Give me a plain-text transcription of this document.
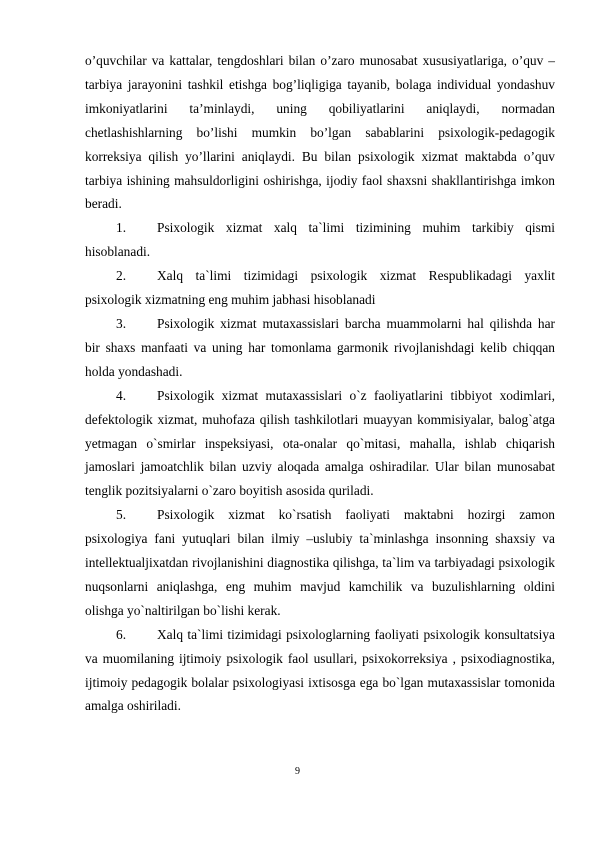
o’quvchilar va kattalar, tengdoshlari bilan o’zaro munosabat xususiyatlariga, o’quv – tarbiya jarayonini tashkil etishga bog’liqligiga tayanib, bolaga individual yondashuv imkoniyatlarini ta’minlaydi, uning qobiliyatlarini aniqlaydi, normadan chetlashishlarning bo’lishi mumkin bo’lgan sabablarini psixologik-pedagogik korreksiya qilish yo’llarini aniqlaydi. Bu bilan psixologik xizmat maktabda o’quv tarbiya ishining mahsuldorligini oshirishga, ijodiy faol shaxsni shakllantirishga imkon beradi.

1. Psixologik xizmat xalq ta`limi tizimining muhim tarkibiy qismi hisoblanadi.

2. Xalq ta`limi tizimidagi psixologik xizmat Respublikadagi yaxlit psixologik xizmatning eng muhim jabhasi hisoblanadi

3. Psixologik xizmat mutaxassislari barcha muammolarni hal qilishda har bir shaxs manfaati va uning har tomonlama garmonik rivojlanishdagi kelib chiqqan holda yondashadi.

4. Psixologik xizmat mutaxassislari o`z faoliyatlarini tibbiyot xodimlari, defektologik xizmat, muhofaza qilish tashkilotlari muayyan kommisiyalar, balog`atga yetmagan o`smirlar inspeksiyasi, ota-onalar qo`mitasi, mahalla, ishlab chiqarish jamoslari jamoatchlik bilan uzviy aloqada amalga oshiradilar. Ular bilan munosabat tenglik pozitsiyalarni o`zaro boyitish asosida quriladi.

5. Psixologik xizmat ko`rsatish faoliyati maktabni hozirgi zamon psixologiya fani yutuqlari bilan ilmiy –uslubiy ta`minlashga insonning shaxsiy va intellektualjixatdan rivojlanishini diagnostika qilishga, ta`lim va tarbiyadagi psixologik nuqsonlarni aniqlashga, eng muhim mavjud kamchilik va buzulishlarning oldini olishga yo`naltirilgan bo`lishi kerak.

6. Xalq ta`limi tizimidagi psixologlarning faoliyati psixologik konsultatsiya va muomilaning ijtimoiy psixologik faol usullari, psixokorreksiya , psixodiagnostika, ijtimoiy pedagogik bolalar psixologiyasi ixtisosga ega bo`lgan mutaxassislar tomonida amalga oshiriladi.

9
